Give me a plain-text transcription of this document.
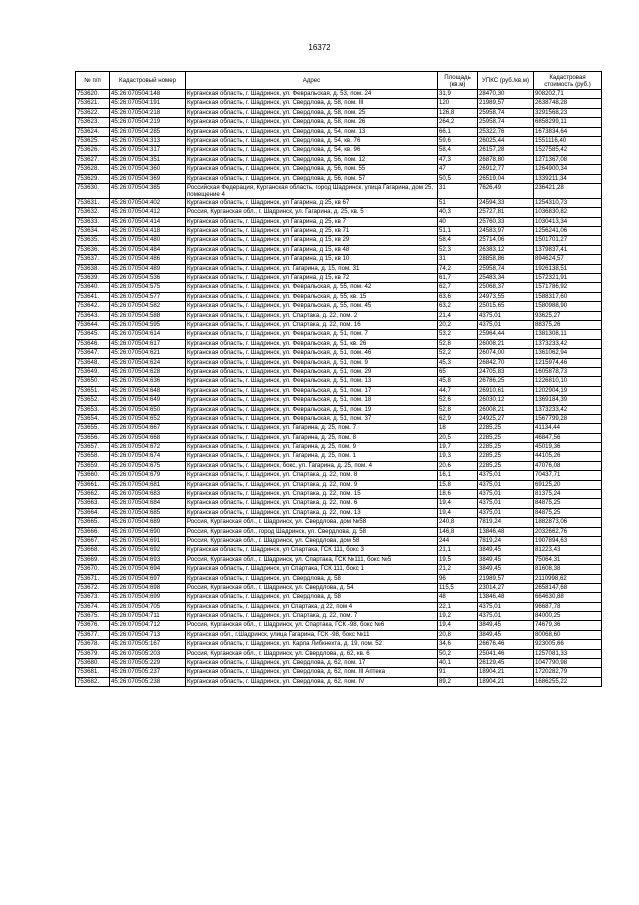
16372
№ п/п	Кадастровый номер	Адрес	Площадь (кв.м)	УПКС (руб./кв.м)	Кадастровая стоимость (руб.)
753620.	45:26:070504:148	Курганская область, г. Шадринск, ул. Февральская, д. 53, пом. 24	31,9	28470,30	908202,71
753621.	45:26:070504:191	Курганская область, г. Шадринск, ул. Свердлова, д. 58, пом. III	120	21989,57	2638748,28
753622.	45:26:070504:218	Курганская область, г. Шадринск, ул. Свердлова, д. 58, пом. 25	126,8	25958,74	3291568,23
753623.	45:26:070504:219	Курганская область, г. Шадринск, ул. Свердлова, д. 58, пом. 26	264,2	25958,74	6858299,11
753624.	45:26:070504:285	Курганская область, г. Шадринск, ул. Свердлова, д. 54, пом. 13	66,1	25322,76	1673834,64
753625.	45:26:070504:313	Курганская область, г. Шадринск, ул. Свердлова, д. 54, кв. 76	59,6	26025,44	1551116,40
753626.	45:26:070504:317	Курганская область, г. Шадринск, ул. Свердлова, д. 54, кв. 96	58,4	26157,28	1527585,42
753627.	45:26:070504:351	Курганская область, г. Шадринск, ул. Свердлова, д. 56, пом. 12	47,3	26878,80	1271367,08
753628.	45:26:070504:360	Курганская область, г. Шадринск, ул. Свердлова, д. 56, пом. 55	47	26912,77	1264900,34
753629.	45:26:070504:369	Курганская область, г. Шадринск, ул. Свердлова, д. 56, пом. 57	50,5	26519,04	1339211,34
753630.	45:26:070504:385	Российская Федерация, Курганская область, город Шадринск, улица Гагарина, дом 25, помещение 4	31	7626,49	236421,28
753631.	45:26:070504:402	Курганская область, г. Шадринск, ул Гагарина, д 25, кв 67	51	24594,33	1254310,73
753632.	45:26:070504:412	Россия, Курганская обл., г. Шадринск, ул. Гагарина, д. 25, кв. 5	40,3	25727,81	1036830,82
753633.	45:26:070504:414	Курганская область, г. Шадринск, ул Гагарина, д 25, кв 7	40	25760,33	1030413,34
753634.	45:26:070504:418	Курганская область, г. Шадринск, ул Гагарина, д 25, кв 71	51,1	24583,97	1256241,06
753635.	45:26:070504:480	Курганская область, г. Шадринск, ул Гагарина, д 15, кв 29	58,4	25714,06	1501701,27
753636.	45:26:070504:484	Курганская область, г. Шадринск, ул Гагарина, д 15, кв 48	52,3	26383,12	1379837,41
753637.	45:26:070504:486	Курганская область, г. Шадринск, ул Гагарина, д 15, кв 10	31	28858,86	894624,57
753638.	45:26:070504:489	Курганская область, г. Шадринск, ул. Гагарина, д. 15, пом. 31	74,2	25958,74	1926138,51
753639.	45:26:070504:536	Курганская область, г. Шадринск, ул Гагарина, д 15, кв 72	61,7	25483,34	1572321,91
753640.	45:26:070504:575	Курганская область, г. Шадринск, ул. Февральская, д. 55, пом. 42	62,7	25068,37	1571786,92
753641.	45:26:070504:577	Курганская область, г. Шадринск, ул. Февральская, д. 55, кв. 15	63,6	24973,55	1588317,60
753642.	45:26:070504:582	Курганская область, г. Шадринск, ул. Февральская, д. 55, пом. 45	63,2	25015,65	1580988,90
753643.	45:26:070504:588	Курганская область, г. Шадринск, ул. Спартака, д. 22, пом. 2	21,4	4375,01	93625,27
753644.	45:26:070504:595	Курганская область, г. Шадринск, ул. Спартака, д. 22, пом. 16	20,2	4375,01	88375,26
753645.	45:26:070504:614	Курганская область, г. Шадринск, ул. Февральская, д. 51, пом. 7	53,2	25964,44	1381308,11
753646.	45:26:070504:617	Курганская область, г. Шадринск, ул. Февральская, д. 51, кв. 26	52,8	26008,21	1373233,42
753647.	45:26:070504:621	Курганская область, г. Шадринск, ул. Февральская, д. 51, пом. 46	52,2	26074,00	1361062,94
753648.	45:26:070504:624	Курганская область, г. Шадринск, ул. Февральская, д. 51, пом. 9	45,3	26842,70	1215974,46
753649.	45:26:070504:628	Курганская область, г. Шадринск, ул. Февральская, д. 51, пом. 29	65	24705,83	1605878,73
753650.	45:26:070504:636	Курганская область, г. Шадринск, ул. Февральская, д. 51, пом. 13	45,8	26786,25	1226810,10
753651.	45:26:070504:648	Курганская область, г. Шадринск, ул. Февральская, д. 51, пом. 17	44,7	26910,61	1202904,19
753652.	45:26:070504:649	Курганская область, г. Шадринск, ул. Февральская, д. 51, пом. 18	52,6	26030,12	1369184,39
753653.	45:26:070504:650	Курганская область, г. Шадринск, ул. Февральская, д. 51, пом. 19	52,8	26008,21	1373233,42
753654.	45:26:070504:652	Курганская область, г. Шадринск, ул. Февральская, д. 51, пом. 37	62,9	24925,27	1567799,28
753655.	45:26:070504:667	Курганская область, г. Шадринск, ул. Гагарина, д. 25, пом. 7	18	2285,25	41134,44
753656.	45:26:070504:668	Курганская область, г. Шадринск, ул. Гагарина, д. 25, пом. 8	20,5	2285,25	46847,56
753657.	45:26:070504:672	Курганская область, г. Шадринск, ул. Гагарина, д. 25, пом. 9	19,7	2285,25	45019,36
753658.	45:26:070504:674	Курганская область, г. Шадринск, ул. Гагарина, д. 25, пом. 1	19,3	2285,25	44105,26
753659.	45:26:070504:675	Курганская область, г. Шадринск, бокс, ул. Гагарина, д. 25, пом. 4	20,6	2285,25	47076,08
753660.	45:26:070504:679	Курганская область, г. Шадринск, ул. Спартака, д. 22, пом. 8	16,1	4375,01	70437,71
753661.	45:26:070504:681	Курганская область, г. Шадринск, ул. Спартака, д. 22, пом. 9	15,8	4375,01	69125,20
753662.	45:26:070504:683	Курганская область, г. Шадринск, ул. Спартака, д. 22, пом. 15	18,6	4375,01	81375,24
753663.	45:26:070504:684	Курганская область, г. Шадринск, ул. Спартака, д. 22, пом. 6	19,4	4375,01	84875,25
753664.	45:26:070504:685	Курганская область, г. Шадринск, ул. Спартака, д. 22, пом. 13	19,4	4375,01	84875,25
753665.	45:26:070504:689	Россия, Курганская обл., г. Шадринск, ул. Свердлова, дом №58	240,8	7819,24	1882873,06
753666.	45:26:070504:690	Россия, Курганская обл., город Шадринск, ул. Свердлова, д. 58	146,8	13846,48	2032662,76
753667.	45:26:070504:691	Россия, Курганская обл., г. Шадринск, ул. Свердлова, дом 58	244	7819,24	1907894,63
753668.	45:26:070504:692	Курганская область, г. Шадринск, ул Спартака, ГСК 111, бокс 3	21,1	3849,45	81223,43
753669.	45:26:070504:693	Россия, Курганская обл., г. Шадринск, ул. Спартака, ГСК №111, бокс №5	19,5	3849,45	75064,31
753670.	45:26:070504:694	Курганская область, г. Шадринск, ул Спартака, ГСК 111, бокс 1	21,2	3849,45	81608,38
753671.	45:26:070504:697	Курганская область, г. Шадринск, ул. Свердлова, д. 58	96	21989,57	2110998,62
753672.	45:26:070504:698	Россия, Курганская обл., г. Шадринск, ул. Свердлова, д. 54	115,5	23014,27	2658147,68
753673.	45:26:070504:699	Курганская область, г. Шадринск, ул. Свердлова, д. 58	48	13846,48	664630,88
753674.	45:26:070504:705	Курганская область, г. Шадринск, ул Спартака, д 22, пом 4	22,1	4375,01	96687,78
753675.	45:26:070504:711	Курганская область, г. Шадринск, ул. Спартака, д. 22, пом. 7	19,2	4375,01	84000,25
753676.	45:26:070504:712	Россия, Курганская обл., г. Шадринск, ул. Спартака, ГСК -98, бокс №6	19,4	3849,45	74679,36
753677.	45:26:070504:713	Курганская обл., г.Шадринск, улица Гагарина, ГСК -98, бокс №11	20,8	3849,45	80068,60
753678.	45:26:070505:167	Курганская область, г. Шадринск, ул. Карла Либкнехта, д. 19, пом. 52	34,6	26676,46	923005,66
753679.	45:26:070505:203	Россия, Курганская обл., г. Шадринск, ул. Свердлова, д. 62, кв. 6	50,2	25041,46	1257081,33
753680.	45:26:070505:229	Курганская область, г. Шадринск, ул. Свердлова, д. 62, пом. 17	40,1	26129,45	1047790,98
753681.	45:26:070505:237	Курганская область, г. Шадринск, ул. Свердлова, д. 62, пом. III Аптека	91	18904,21	1720282,79
753682.	45:26:070505:238	Курганская область, г. Шадринск, ул. Свердлова, д. 62, пом. IV	89,2	18904,21	1686255,22
